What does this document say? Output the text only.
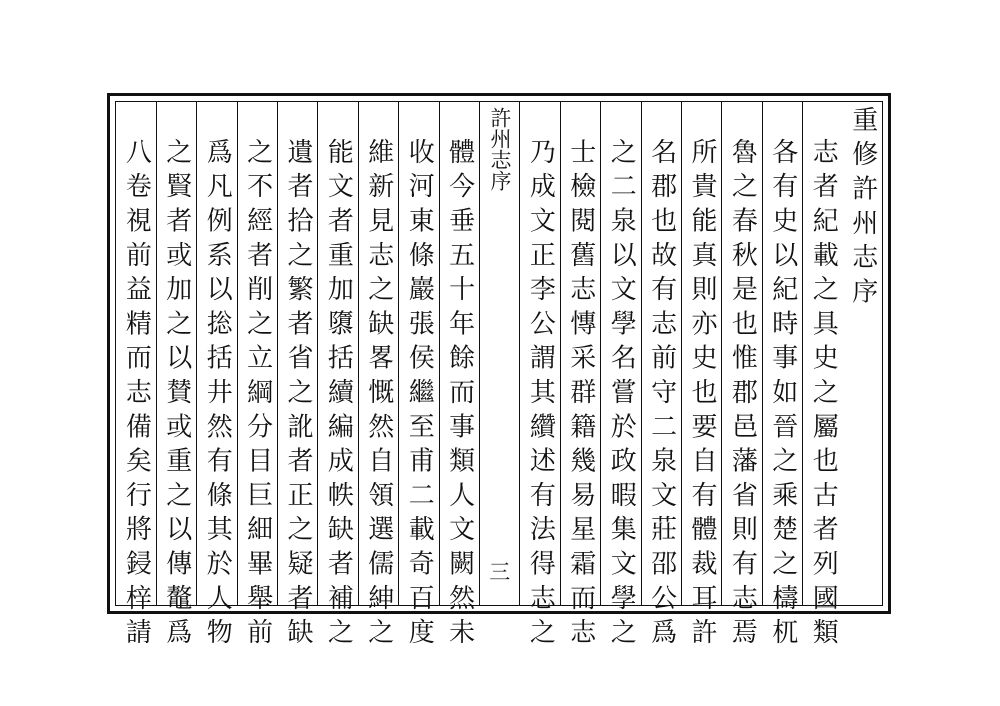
重修許州志序
志者紀載之具史之屬也古者列國類
各有史以紀時事如晉之乘楚之檮杌
魯之春秋是也惟郡邑藩省則有志焉
所貴能真則亦史也要自有體裁耳許
名郡也故有志前守二泉文莊邵公爲
之二泉以文學名嘗於政暇集文學之
士檢閱舊志慱采群籍幾易星霜而志
乃成文正李公謂其纘述有法得志之
許州志序
三
體今垂五十年餘而事類人文闕然未
收河東條巖張侯繼至甫二載奇百度
維新見志之缺畧慨然自領選儒紳之
能文者重加隳括續編成帙缺者補之
遺者拾之繁者省之訛者正之疑者缺
之不經者削之立綱分目巨細畢舉前
爲凡例系以捴括井然有條其於人物
之賢者或加之以賛或重之以傳鼇爲
八卷視前益精而志備矣行將鋟梓請
